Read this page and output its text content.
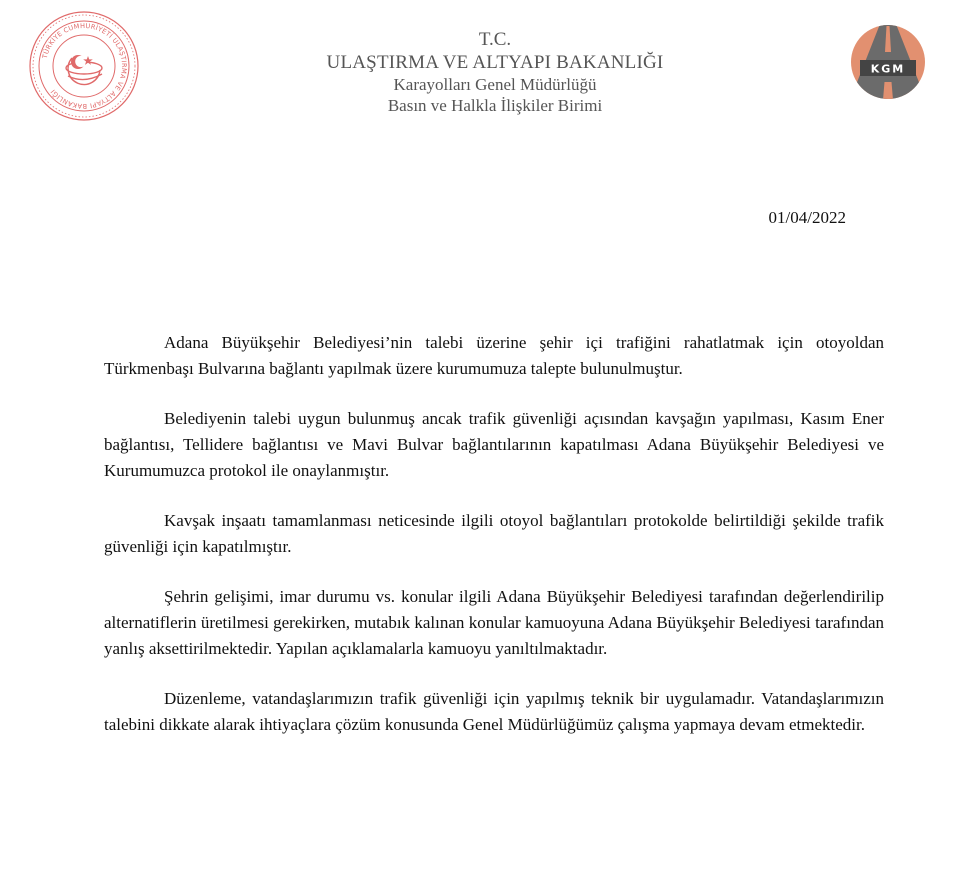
TÜRKİYE CUMHURİYETİ ULAŞTIRMA VE ALTYAPI BAKANLIĞI
T.C.
ULAŞTIRMA VE ALTYAPI BAKANLIĞI
Karayolları Genel Müdürlüğü
Basın ve Halkla İlişkiler Birimi
KGM
01/04/2022

Adana Büyükşehir Belediyesi’nin talebi üzerine şehir içi trafiğini rahatlatmak için otoyoldan Türkmenbaşı Bulvarına bağlantı yapılmak üzere kurumumuza talepte bulunulmuştur.

Belediyenin talebi uygun bulunmuş ancak trafik güvenliği açısından kavşağın yapılması, Kasım Ener bağlantısı, Tellidere bağlantısı ve Mavi Bulvar bağlantılarının kapatılması Adana Büyükşehir Belediyesi ve Kurumumuzca protokol ile onaylanmıştır.

Kavşak inşaatı tamamlanması neticesinde ilgili otoyol bağlantıları protokolde belirtildiği şekilde trafik güvenliği için kapatılmıştır.

Şehrin gelişimi, imar durumu vs. konular ilgili Adana Büyükşehir Belediyesi tarafından değerlendirilip alternatiflerin üretilmesi gerekirken, mutabık kalınan konular kamuoyuna Adana Büyükşehir Belediyesi tarafından yanlış aksettirilmektedir. Yapılan açıklamalarla kamuoyu yanıltılmaktadır.

Düzenleme, vatandaşlarımızın trafik güvenliği için yapılmış teknik bir uygulamadır. Vatandaşlarımızın talebini dikkate alarak ihtiyaçlara çözüm konusunda Genel Müdürlüğümüz çalışma yapmaya devam etmektedir.
